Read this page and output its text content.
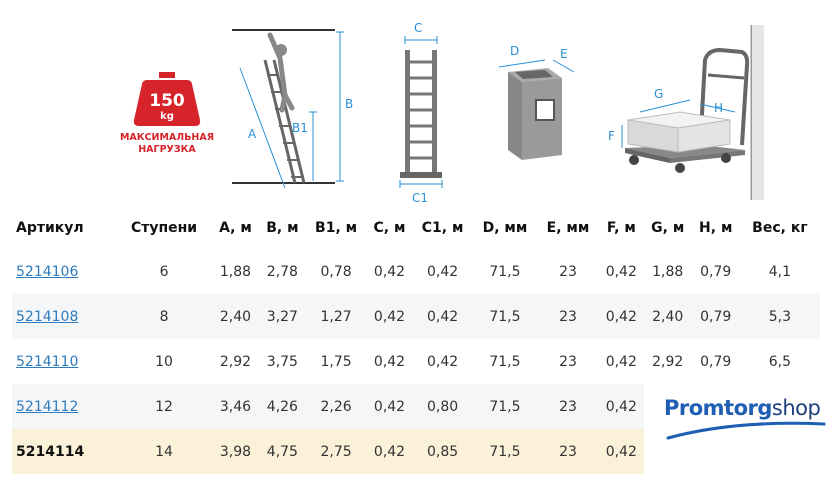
A	B1
B
C
C1
D	E
G
H
F
150
kg
МАКСИМАЛЬНАЯ
НАГРУЗКА
Артикул	Ступени	A, м	B, м	B1, м	C, м	C1, м	D, мм	E, мм	F, м	G, м	H, м	Вес, кг
5214106	6	1,88	2,78	0,78	0,42	0,42	71,5	23	0,42	1,88	0,79	4,1
5214108	8	2,40	3,27	1,27	0,42	0,42	71,5	23	0,42	2,40	0,79	5,3
5214110	10	2,92	3,75	1,75	0,42	0,42	71,5	23	0,42	2,92	0,79	6,5
5214112	12	3,46	4,26	2,26	0,42	0,80	71,5	23	0,42			
5214114	14	3,98	4,75	2,75	0,42	0,85	71,5	23	0,42			
Promtorgshop
